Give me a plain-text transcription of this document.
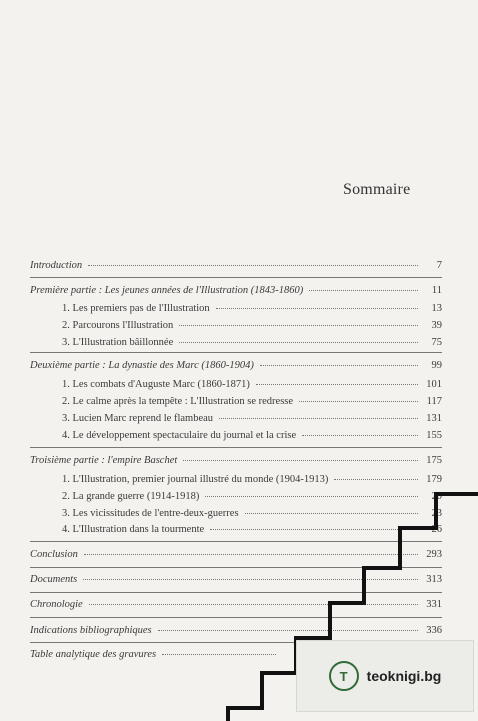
Sommaire
Introduction	7
Première partie : Les jeunes années de l'Illustration (1843-1860)	11
1. Les premiers pas de l'Illustration	13
2. Parcourons l'Illustration	39
3. L'Illustration bâillonnée	75
Deuxième partie : La dynastie des Marc (1860-1904)	99
1. Les combats d'Auguste Marc (1860-1871)	101
2. Le calme après la tempête : L'Illustration se redresse	117
3. Lucien Marc reprend le flambeau	131
4. Le développement spectaculaire du journal et la crise	155
Troisième partie : l'empire Baschet	175
1. L'Illustration, premier journal illustré du monde (1904-1913)	179
2. La grande guerre (1914-1918)	20
3. Les vicissitudes de l'entre-deux-guerres	23
4. L'Illustration dans la tourmente	26
Conclusion	293
Documents	313
Chronologie	331
Indications bibliographiques	336
Table analytique des gravures
T	teoknigi.bg
